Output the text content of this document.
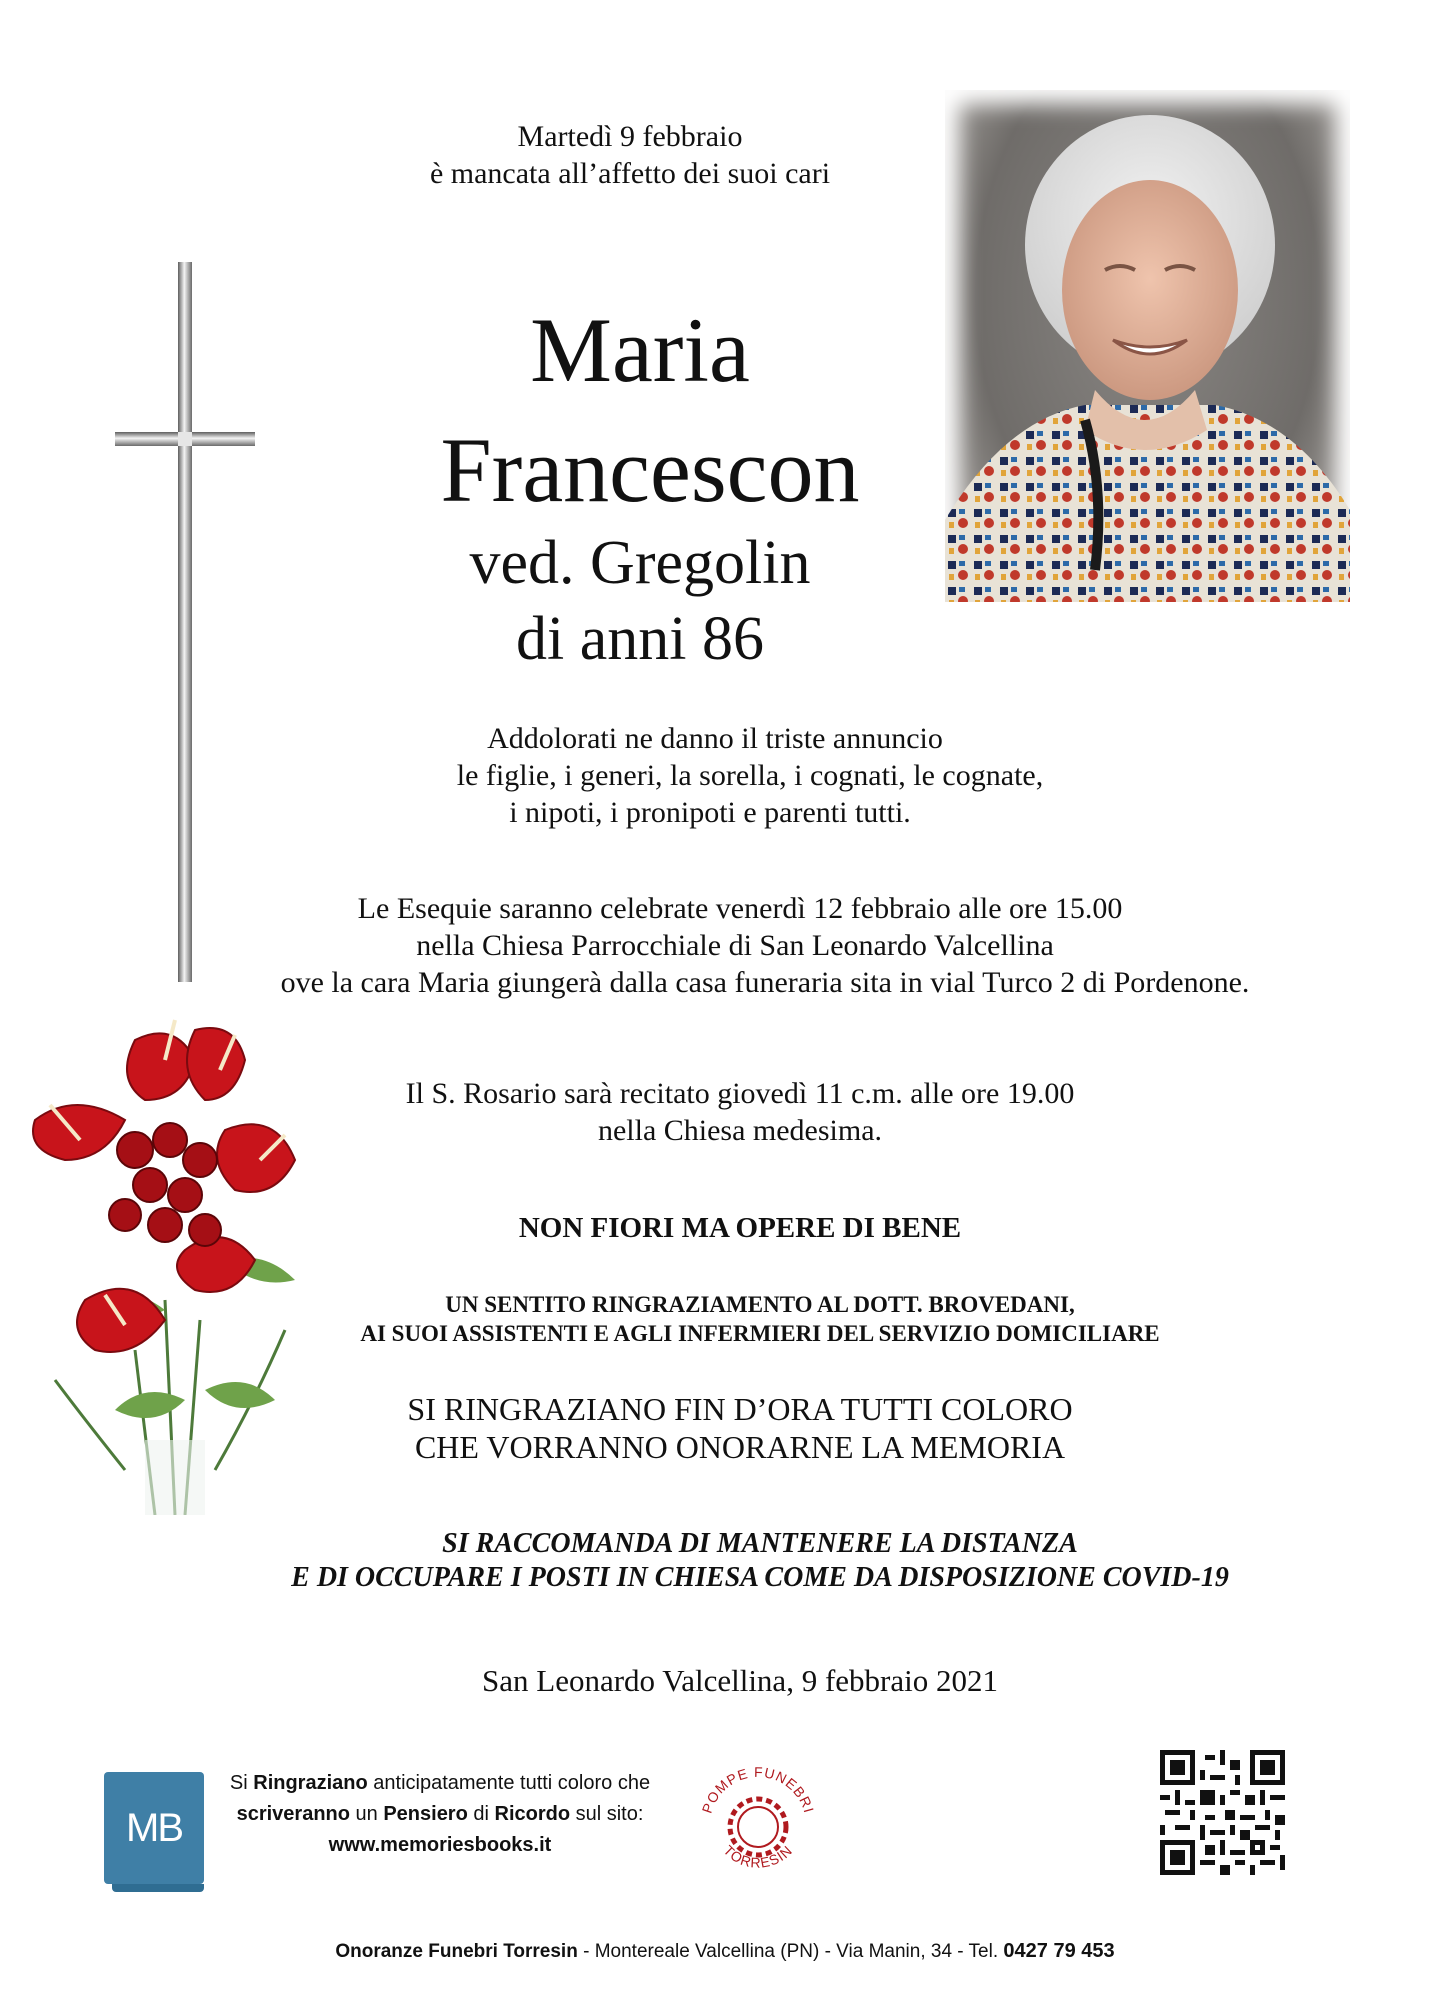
Martedì 9 febbraio
è mancata all’affetto dei suoi cari
Maria
Francescon
ved. Gregolin
di anni 86
Addolorati ne danno il triste annuncio
le figlie, i generi, la sorella, i cognati, le cognate,
i nipoti, i pronipoti e parenti tutti.
Le Esequie saranno celebrate venerdì 12 febbraio alle ore 15.00
nella Chiesa Parrocchiale di San Leonardo Valcellina
ove la cara Maria giungerà dalla casa funeraria sita in vial Turco 2 di Pordenone.
Il S. Rosario sarà recitato giovedì 11 c.m. alle ore 19.00
nella Chiesa medesima.
NON FIORI MA OPERE DI BENE
UN SENTITO RINGRAZIAMENTO AL DOTT. BROVEDANI,
AI SUOI ASSISTENTI E AGLI INFERMIERI DEL SERVIZIO DOMICILIARE
SI RINGRAZIANO FIN D’ORA TUTTI COLORO
CHE VORRANNO ONORARNE LA MEMORIA
SI RACCOMANDA DI MANTENERE LA DISTANZA
E DI OCCUPARE I POSTI IN CHIESA COME DA DISPOSIZIONE COVID-19
San Leonardo Valcellina, 9 febbraio 2021
MB
Si Ringraziano anticipatamente tutti coloro che
scriveranno un Pensiero di Ricordo sul sito:
www.memoriesbooks.it
POMPE FUNEBRI
TORRESIN
Onoranze Funebri Torresin - Montereale Valcellina (PN) - Via Manin, 34 - Tel. 0427 79 453
